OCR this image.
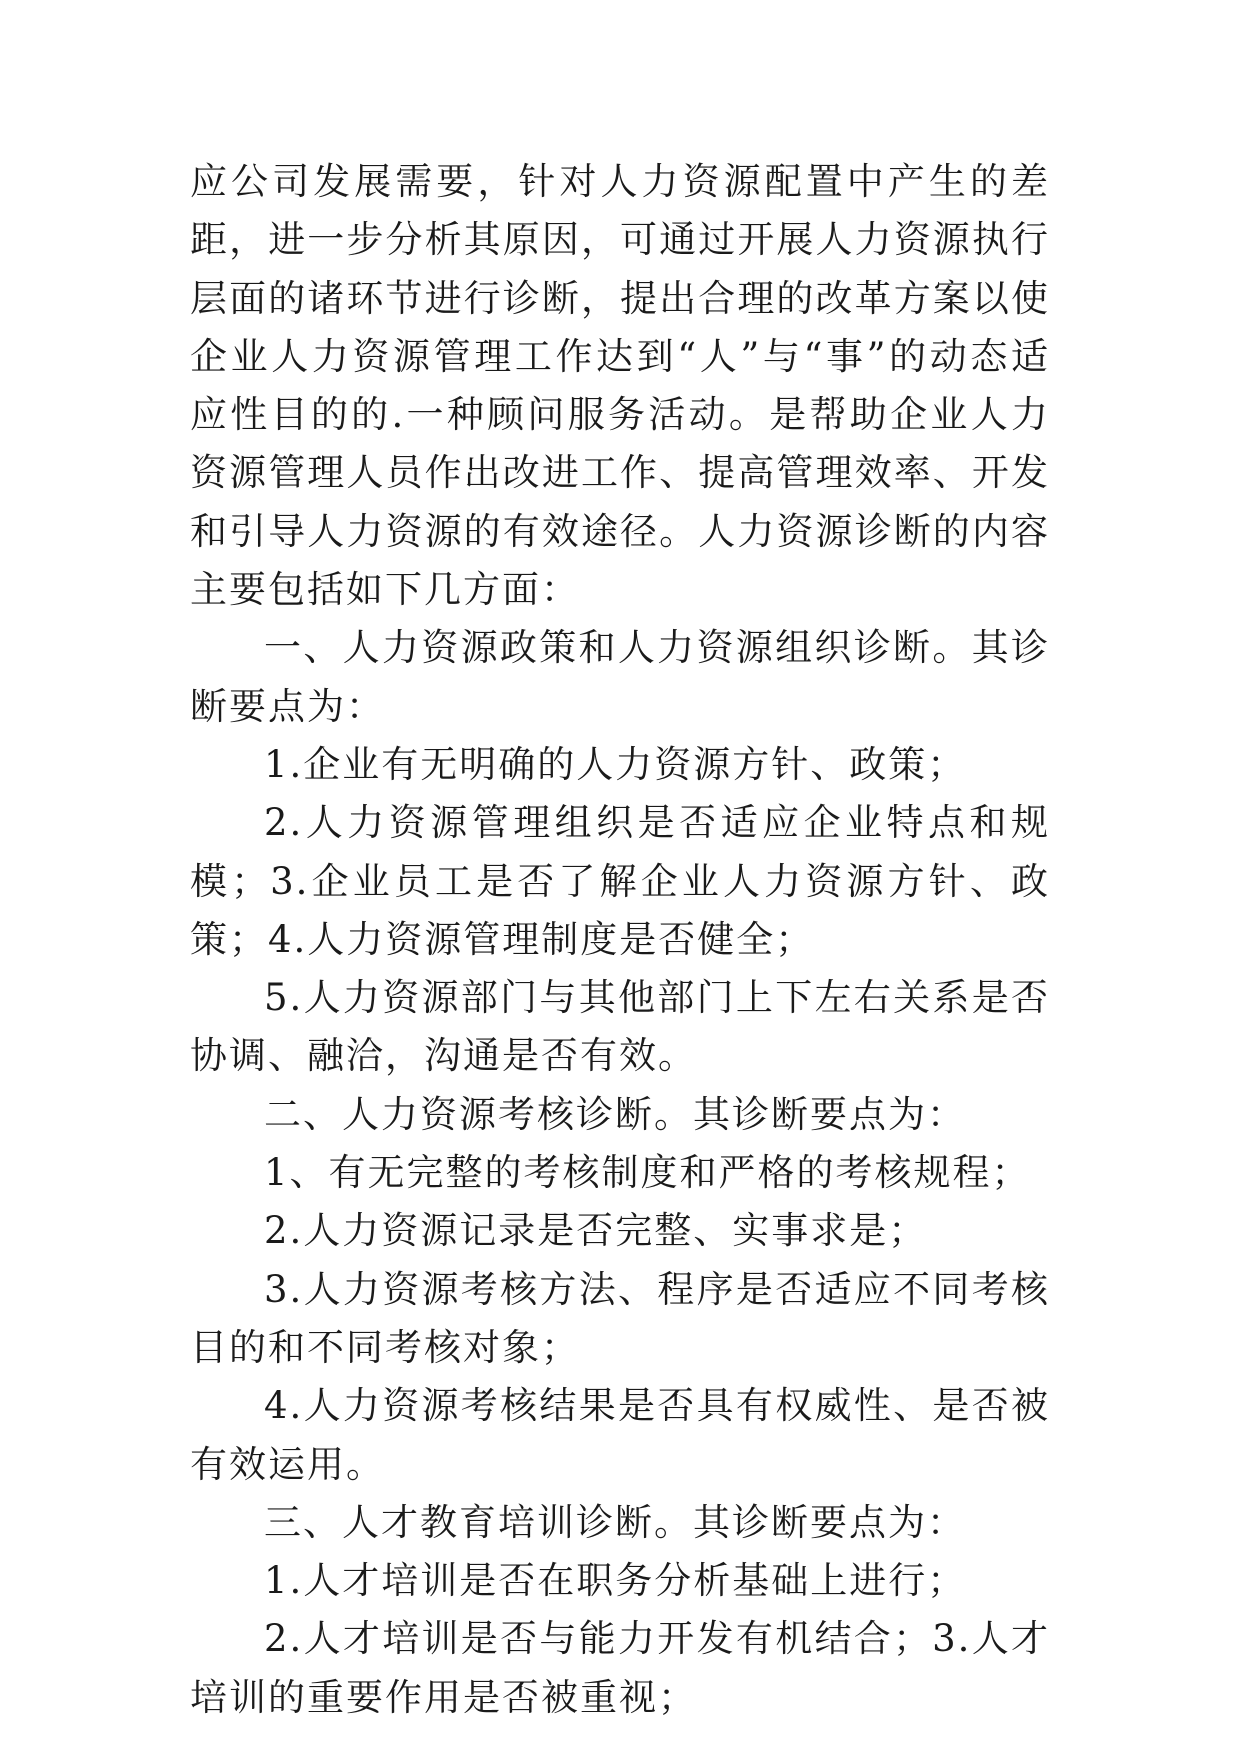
应公司发展需要，针对人力资源配置中产生的差距，进一步分析其原因，可通过开展人力资源执行层面的诸环节进行诊断，提出合理的改革方案以使企业人力资源管理工作达到“人”与“事”的动态适应性目的的.一种顾问服务活动。是帮助企业人力资源管理人员作出改进工作、提高管理效率、开发和引导人力资源的有效途径。人力资源诊断的内容主要包括如下几方面：

一、人力资源政策和人力资源组织诊断。其诊断要点为：

1.企业有无明确的人力资源方针、政策；

2.人力资源管理组织是否适应企业特点和规模；3.企业员工是否了解企业人力资源方针、政策；4.人力资源管理制度是否健全；

5.人力资源部门与其他部门上下左右关系是否协调、融洽，沟通是否有效。

二、人力资源考核诊断。其诊断要点为：

1、有无完整的考核制度和严格的考核规程；

2.人力资源记录是否完整、实事求是；

3.人力资源考核方法、程序是否适应不同考核目的和不同考核对象；

4.人力资源考核结果是否具有权威性、是否被有效运用。

三、人才教育培训诊断。其诊断要点为：

1.人才培训是否在职务分析基础上进行；

2.人才培训是否与能力开发有机结合；3.人才培训的重要作用是否被重视；
